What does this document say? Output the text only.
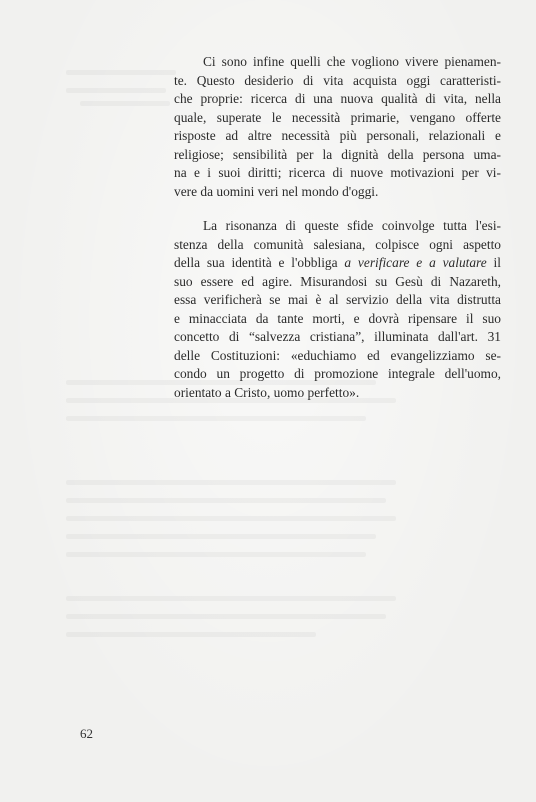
Ci sono infine quelli che vogliono vivere pienamen-
te. Questo desiderio di vita acquista oggi caratteristi-
che proprie: ricerca di una nuova qualità di vita, nella
quale, superate le necessità primarie, vengano offerte
risposte ad altre necessità più personali, relazionali e
religiose; sensibilità per la dignità della persona uma-
na e i suoi diritti; ricerca di nuove motivazioni per vi-
vere da uomini veri nel mondo d'oggi.

La risonanza di queste sfide coinvolge tutta l'esi-
stenza della comunità salesiana, colpisce ogni aspetto
della sua identità e l'obbliga a verificare e a valutare il
suo essere ed agire. Misurandosi su Gesù di Nazareth,
essa verificherà se mai è al servizio della vita distrutta
e minacciata da tante morti, e dovrà ripensare il suo
concetto di “salvezza cristiana”, illuminata dall'art. 31
delle Costituzioni: «educhiamo ed evangelizziamo se-
condo un progetto di promozione integrale dell'uomo,
orientato a Cristo, uomo perfetto».

62
